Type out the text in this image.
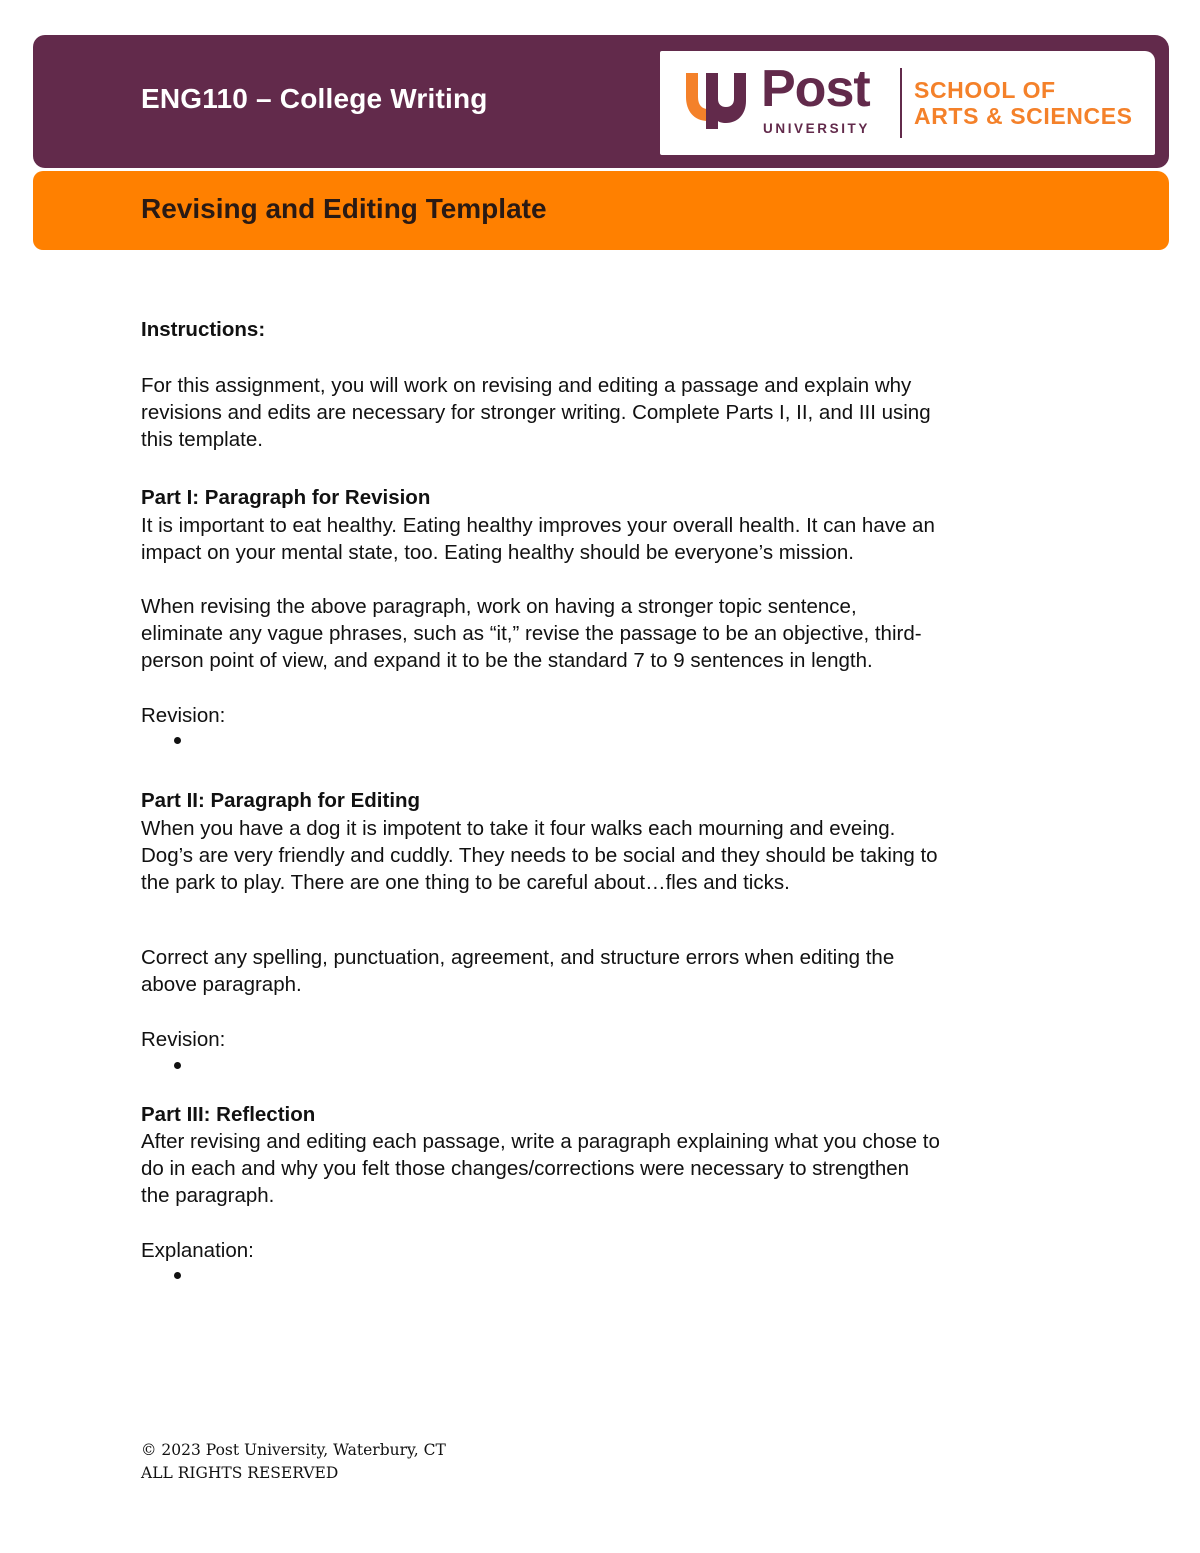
ENG110 – College Writing	Post
UNIVERSITY
SCHOOL OF
ARTS & SCIENCES
Revising and Editing Template

Instructions:

For this assignment, you will work on revising and editing a passage and explain why
revisions and edits are necessary for stronger writing. Complete Parts I, II, and III using
this template.

Part I: Paragraph for Revision

It is important to eat healthy. Eating healthy improves your overall health. It can have an
impact on your mental state, too. Eating healthy should be everyone’s mission.
When revising the above paragraph, work on having a stronger topic sentence,
eliminate any vague phrases, such as “it,” revise the passage to be an objective, third-
person point of view, and expand it to be the standard 7 to 9 sentences in length.

Revision:

Part II: Paragraph for Editing

When you have a dog it is impotent to take it four walks each mourning and eveing.
Dog’s are very friendly and cuddly. They needs to be social and they should be taking to
the park to play. There are one thing to be careful about…fles and ticks.
Correct any spelling, punctuation, agreement, and structure errors when editing the
above paragraph.

Revision:

Part III: Reflection

After revising and editing each passage, write a paragraph explaining what you chose to
do in each and why you felt those changes/corrections were necessary to strengthen
the paragraph.

Explanation:

© 2023 Post University, Waterbury, CT
ALL RIGHTS RESERVED
